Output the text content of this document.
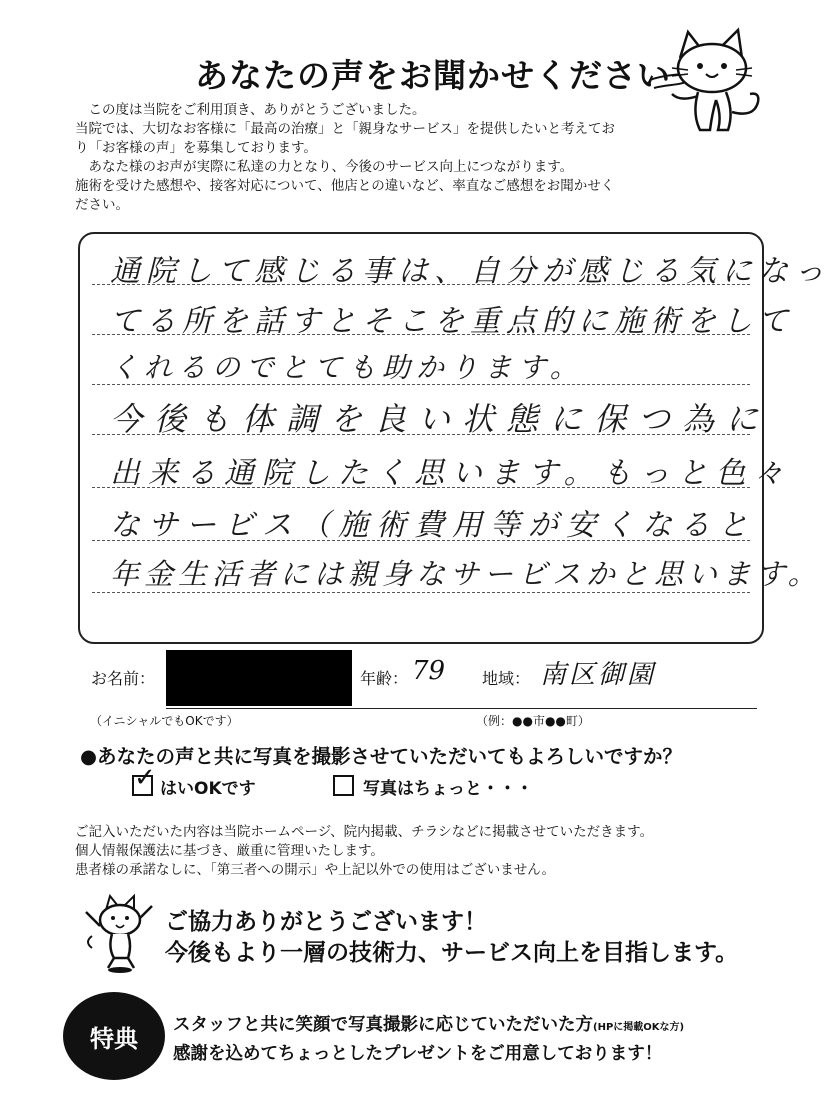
あなたの声をお聞かせください
　この度は当院をご利用頂き、ありがとうございました。
当院では、大切なお客様に「最高の治療」と「親身なサービス」を提供したいと考えてお
り「お客様の声」を募集しております。
　あなた様のお声が実際に私達の力となり、今後のサービス向上につながります。
施術を受けた感想や、接客対応について、他店との違いなど、率直なご感想をお聞かせく
ださい。
通院して感じる事は、自分が感じる気になっ
てる所を話すとそこを重点的に施術をして
くれるのでとても助かります。
今後も体調を良い状態に保つ為に
出来る通院したく思います。もっと色々
なサービス（施術費用等が安くなると
年金生活者には親身なサービスかと思います。
お名前：	年齢： 79 地域： 南区御園
（イニシャルでもOKです）	（例：●●市●●町）
●あなたの声と共に写真を撮影させていただいてもよろしいですか？
✓ はいOKです	写真はちょっと・・・
ご記入いただいた内容は当院ホームページ、院内掲載、チラシなどに掲載させていただきます。
個人情報保護法に基づき、厳重に管理いたします。
患者様の承諾なしに、「第三者への開示」や上記以外での使用はございません。
ご協力ありがとうございます！
今後もより一層の技術力、サービス向上を目指します。
特典	スタッフと共に笑顔で写真撮影に応じていただいた方(HPに掲載OKな方)
感謝を込めてちょっとしたプレゼントをご用意しております！
